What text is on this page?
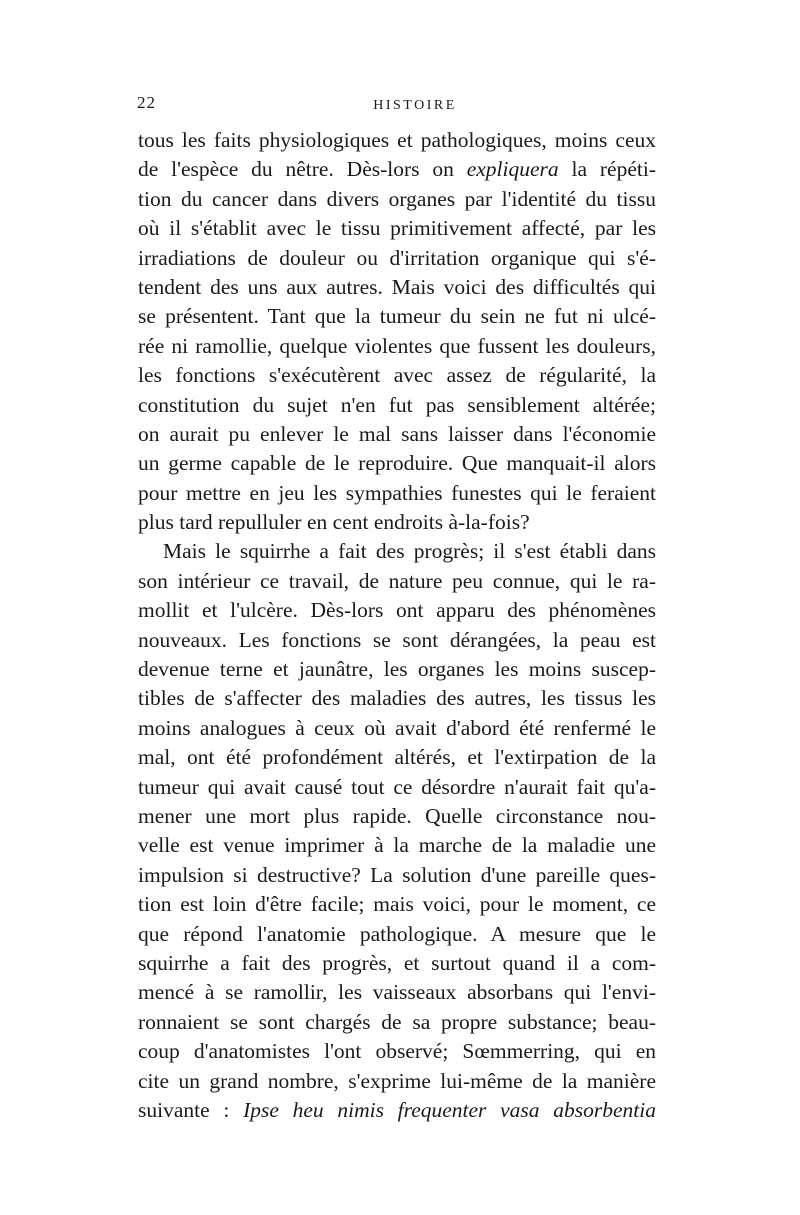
22	HISTOIRE
tous les faits physiologiques et pathologiques, moins ceux
de l'espèce du nêtre. Dès-lors on expliquera la répéti-
tion du cancer dans divers organes par l'identité du tissu
où il s'établit avec le tissu primitivement affecté, par les
irradiations de douleur ou d'irritation organique qui s'é-
tendent des uns aux autres. Mais voici des difficultés qui
se présentent. Tant que la tumeur du sein ne fut ni ulcé-
rée ni ramollie, quelque violentes que fussent les douleurs,
les fonctions s'exécutèrent avec assez de régularité, la
constitution du sujet n'en fut pas sensiblement altérée;
on aurait pu enlever le mal sans laisser dans l'économie
un germe capable de le reproduire. Que manquait-il alors
pour mettre en jeu les sympathies funestes qui le feraient
plus tard repulluler en cent endroits à-la-fois?
Mais le squirrhe a fait des progrès; il s'est établi dans
son intérieur ce travail, de nature peu connue, qui le ra-
mollit et l'ulcère. Dès-lors ont apparu des phénomènes
nouveaux. Les fonctions se sont dérangées, la peau est
devenue terne et jaunâtre, les organes les moins suscep-
tibles de s'affecter des maladies des autres, les tissus les
moins analogues à ceux où avait d'abord été renfermé le
mal, ont été profondément altérés, et l'extirpation de la
tumeur qui avait causé tout ce désordre n'aurait fait qu'a-
mener une mort plus rapide. Quelle circonstance nou-
velle est venue imprimer à la marche de la maladie une
impulsion si destructive? La solution d'une pareille ques-
tion est loin d'être facile; mais voici, pour le moment, ce
que répond l'anatomie pathologique. A mesure que le
squirrhe a fait des progrès, et surtout quand il a com-
mencé à se ramollir, les vaisseaux absorbans qui l'envi-
ronnaient se sont chargés de sa propre substance; beau-
coup d'anatomistes l'ont observé; Sœmmerring, qui en
cite un grand nombre, s'exprime lui-même de la manière
suivante : Ipse heu nimis frequenter vasa absorbentia
